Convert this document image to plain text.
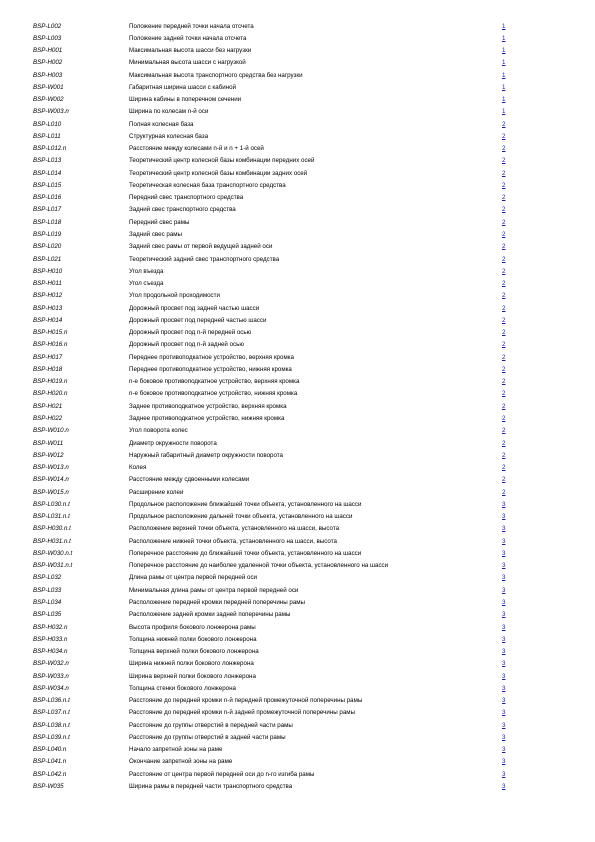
BSP-L002	Положение передней точки начала отсчета	1
BSP-L003	Положение задней точки начала отсчета	1
BSP-H001	Максимальная высота шасси без нагрузки	1
BSP-H002	Минимальная высота шасси с нагрузкой	1
BSP-H003	Максимальная высота транспортного средства без нагрузки	1
BSP-W001	Габаритная ширина шасси с кабиной	1
BSP-W002	Ширина кабины в поперечном сечении	1
BSP-W003.n	Ширина по колесам n-й оси	1
BSP-L010	Полная колесная база	2
BSP-L011	Структурная колесная база	2
BSP-L012.n	Расстояние между колесами n-й и n + 1-й осей	2
BSP-L013	Теоретический центр колесной базы комбинации передних осей	2
BSP-L014	Теоретический центр колесной базы комбинации задних осей	2
BSP-L015	Теоретическая колесная база транспортного средства	2
BSP-L016	Передний свес транспортного средства	2
BSP-L017	Задний свес транспортного средства	2
BSP-L018	Передний свес рамы	2
BSP-L019	Задний свес рамы	2
BSP-L020	Задний свес рамы от первой ведущей задней оси	2
BSP-L021	Теоретический задний свес транспортного средства	2
BSP-H010	Угол въезда	2
BSP-H011	Угол съезда	2
BSP-H012	Угол продольной проходимости	2
BSP-H013	Дорожный просвет под задней частью шасси	2
BSP-H014	Дорожный просвет под передней частью шасси	2
BSP-H015.n	Дорожный просвет под n-й передней осью	2
BSP-H016.n	Дорожный просвет под n-й задней осью	2
BSP-H017	Переднее противоподкатное устройство, верхняя кромка	2
BSP-H018	Переднее противоподкатное устройство, нижняя кромка	2
BSP-H019.n	n-е боковое противоподкатное устройство, верхняя кромка	2
BSP-H020.n	n-е боковое противоподкатное устройство, нижняя кромка	2
BSP-H021	Заднее противоподкатное устройство, верхняя кромка	2
BSP-H022	Заднее противоподкатное устройство, нижняя кромка	2
BSP-W010.n	Угол поворота колес	2
BSP-W011	Диаметр окружности поворота	2
BSP-W012	Наружный габаритный диаметр окружности поворота	2
BSP-W013.n	Колея	2
BSP-W014.n	Расстояние между сдвоенными колесами	2
BSP-W015.n	Расширение колеи	2
BSP-L030.n.t	Продольное расположение ближайшей точки объекта, установленного на шасси	3
BSP-L031.n.t	Продольное расположение дальней точки объекта, установленного на шасси	3
BSP-H030.n.t	Расположение верхней точки объекта, установленного на шасси, высота	3
BSP-H031.n.t	Расположение нижней точки объекта, установленного на шасси, высота	3
BSP-W030.n.t	Поперечное расстояние до ближайшей точки объекта, установленного на шасси	3
BSP-W031.n.t	Поперечное расстояние до наиболее удаленной точки объекта, установленного на шасси	3
BSP-L032	Длина рамы от центра первой передней оси	3
BSP-L033	Минимальная длина рамы от центра первой передней оси	3
BSP-L034	Расположение передней кромки передней поперечины рамы	3
BSP-L035	Расположение задней кромки задней поперечины рамы	3
BSP-H032.n	Высота профиля бокового лонжерона рамы	3
BSP-H033.n	Толщина нижней полки бокового лонжерона	3
BSP-H034.n	Толщина верхней полки бокового лонжерона	3
BSP-W032.n	Ширина нижней полки бокового лонжерона	3
BSP-W033.n	Ширина верхней полки бокового лонжерона	3
BSP-W034.n	Толщина стенки бокового лонжерона	3
BSP-L036.n.t	Расстояние до передней кромки n-й передней промежуточной поперечины рамы	3
BSP-L037.n.t	Расстояние до передней кромки n-й задней промежуточной поперечины рамы	3
BSP-L038.n.t	Расстояние до группы отверстий в передней части рамы	3
BSP-L039.n.t	Расстояние до группы отверстий в задней части рамы	3
BSP-L040.n	Начало запретной зоны на раме	3
BSP-L041.n	Окончание запретной зоны на раме	3
BSP-L042.n	Расстояние от центра первой передней оси до n-го изгиба рамы	3
BSP-W035	Ширина рамы в передней части транспортного средства	3
